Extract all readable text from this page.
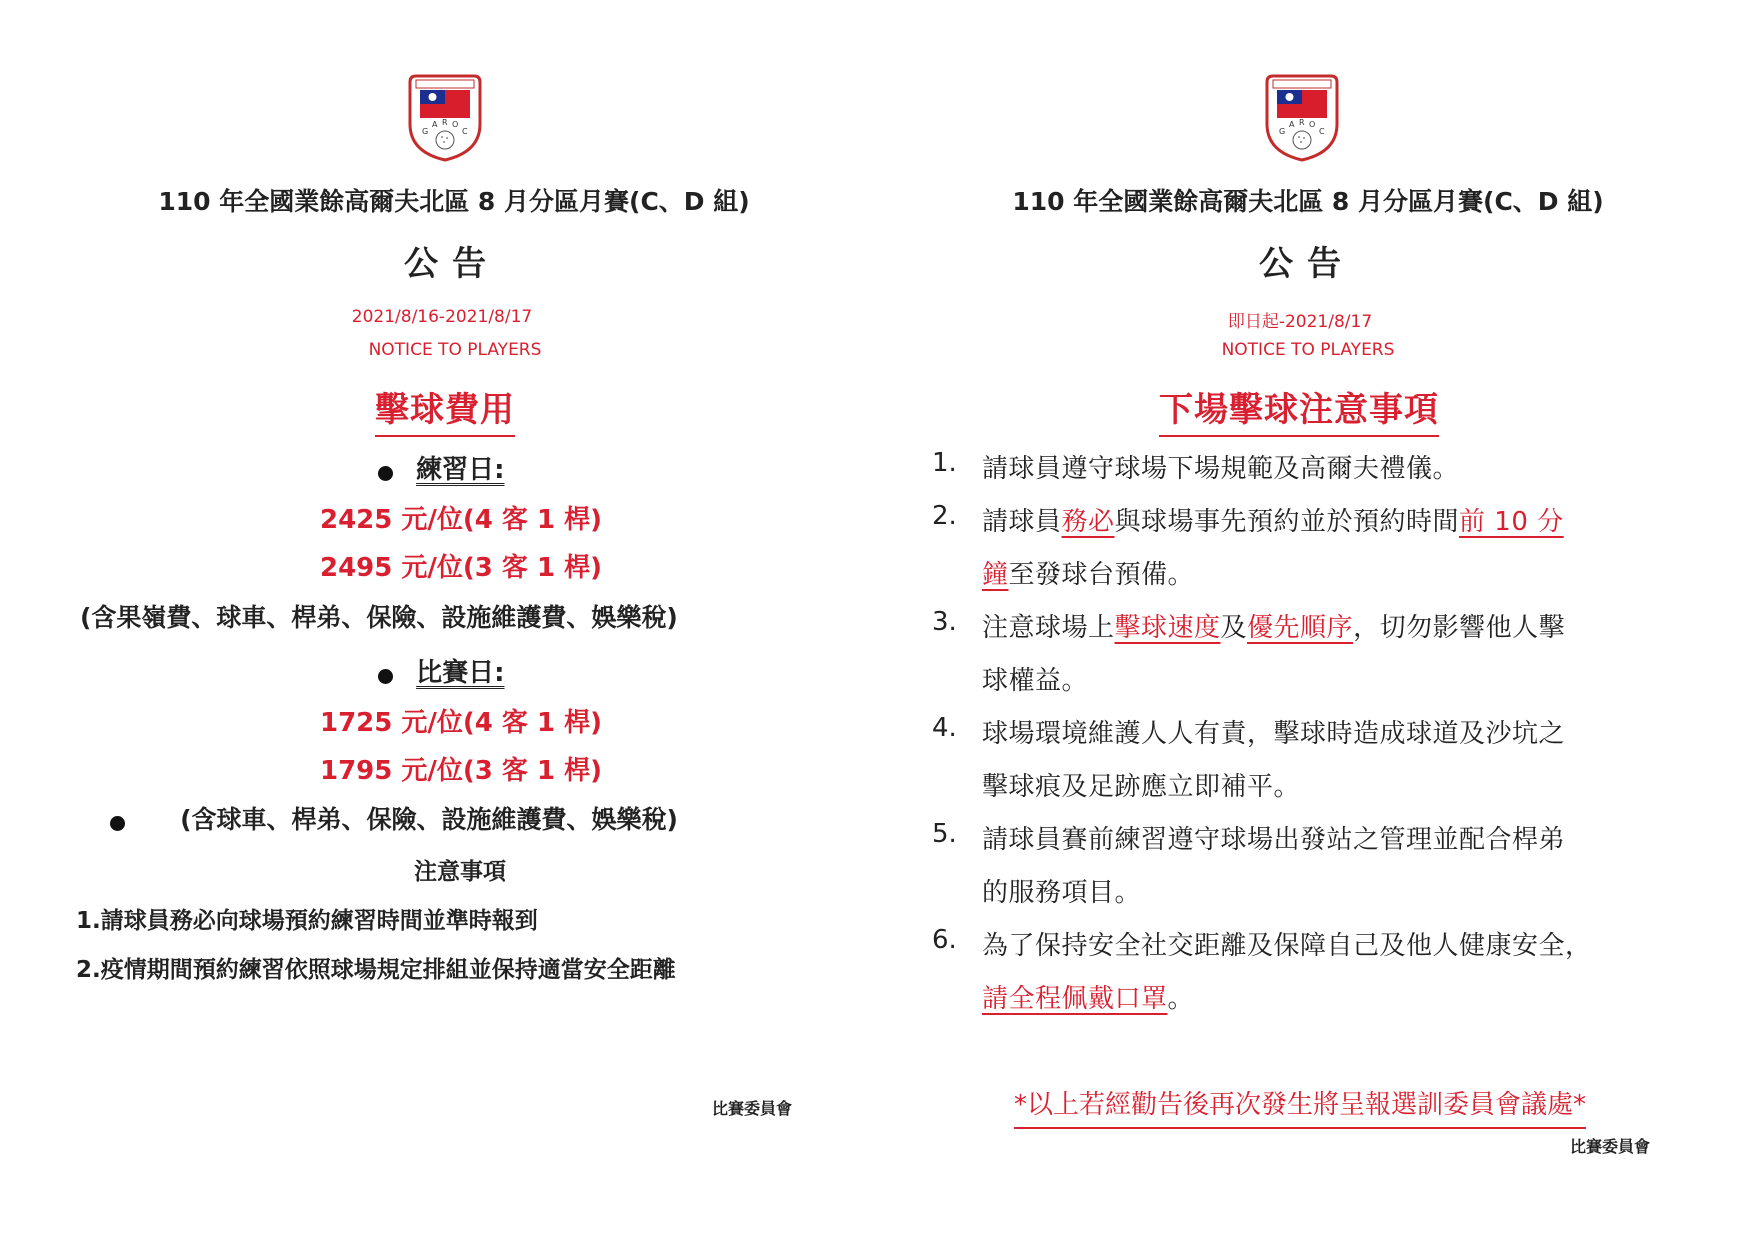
G
A R O
C	G
A R O
C
110 年全國業餘高爾夫北區 8 月分區月賽(C、D 組)
公告
2021/8/16-2021/8/17
NOTICE TO PLAYERS
擊球費用
練習日:
2425 元/位(4 客 1 桿)
2495 元/位(3 客 1 桿)
(含果嶺費、球車、桿弟、保險、設施維護費、娛樂稅)
比賽日:
1725 元/位(4 客 1 桿)
1795 元/位(3 客 1 桿)
(含球車、桿弟、保險、設施維護費、娛樂稅)
注意事項
1.請球員務必向球場預約練習時間並準時報到
2.疫情期間預約練習依照球場規定排組並保持適當安全距離
比賽委員會
110 年全國業餘高爾夫北區 8 月分區月賽(C、D 組)
公告
即日起-2021/8/17
NOTICE TO PLAYERS
下場擊球注意事項
1. 請球員遵守球場下場規範及高爾夫禮儀。
2. 請球員務必與球場事先預約並於預約時間前 10 分
鐘至發球台預備。
3. 注意球場上擊球速度及優先順序，切勿影響他人擊
球權益。
4. 球場環境維護人人有責，擊球時造成球道及沙坑之
擊球痕及足跡應立即補平。
5. 請球員賽前練習遵守球場出發站之管理並配合桿弟
的服務項目。
6. 為了保持安全社交距離及保障自己及他人健康安全，
請全程佩戴口罩。
*以上若經勸告後再次發生將呈報選訓委員會議處*
比賽委員會
